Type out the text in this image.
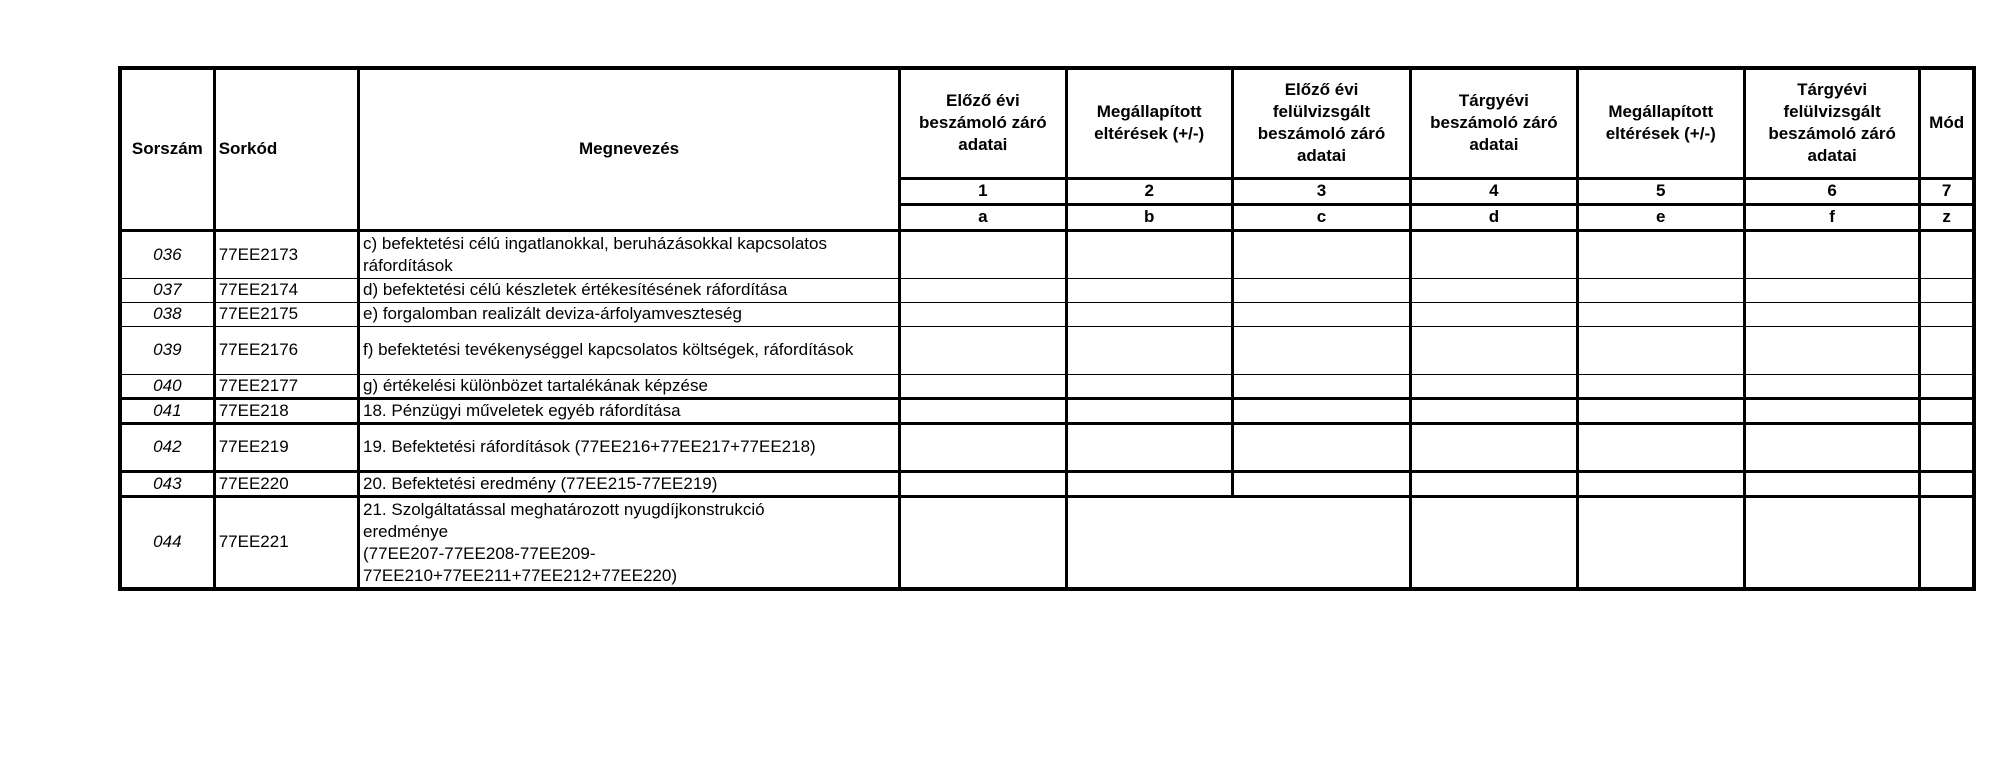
Sorszám	Sorkód	Megnevezés	Előző évi beszámoló záró adatai	Megállapított eltérések (+/-)	Előző évi felülvizsgált beszámoló záró adatai	Tárgyévi beszámoló záró adatai	Megállapított eltérések (+/-)	Tárgyévi felülvizsgált beszámoló záró adatai	Mód
			1	2	3	4	5	6	7
			a	b	c	d	e	f	z
036	77EE2173	c) befektetési célú ingatlanokkal, beruházásokkal kapcsolatos ráfordítások							
037	77EE2174	d) befektetési célú készletek értékesítésének ráfordítása							
038	77EE2175	e) forgalomban realizált deviza-árfolyamveszteség							
039	77EE2176	f) befektetési tevékenységgel kapcsolatos költségek, ráfordítások							
040	77EE2177	g) értékelési különbözet tartalékának képzése							
041	77EE218	18. Pénzügyi műveletek egyéb ráfordítása							
042	77EE219	19. Befektetési ráfordítások (77EE216+77EE217+77EE218)							
043	77EE220	20. Befektetési eredmény (77EE215-77EE219)							
044	77EE221	21. Szolgáltatással meghatározott nyugdíjkonstrukció
eredménye
(77EE207-77EE208-77EE209-
77EE210+77EE211+77EE212+77EE220)							
